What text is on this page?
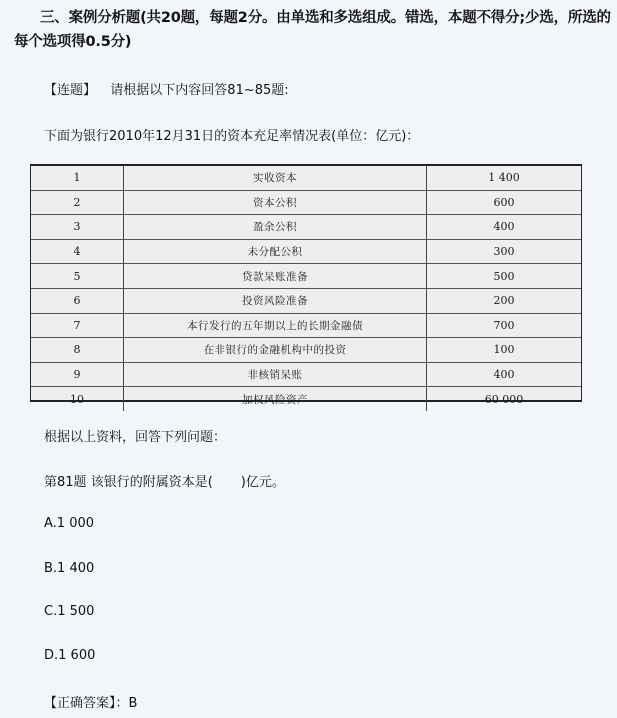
三、案例分析题(共20题，每题2分。由单选和多选组成。错选，本题不得分;少选，所选的每个选项得0.5分)
【连题】 请根据以下内容回答81~85题:
下面为银行2010年12月31日的资本充足率情况表(单位：亿元)：
1	实收资本	1 400
2	资本公积	600
3	盈余公积	400
4	未分配公积	300
5	贷款呆账准备	500
6	投资风险准备	200
7	本行发行的五年期以上的长期金融债	700
8	在非银行的金融机构中的投资	100
9	非核销呆账	400
10	加权风险资产	60 000
根据以上资料，回答下列问题：
第81题 该银行的附属资本是( )亿元。
A.1 000
B.1 400
C.1 500
D.1 600
【正确答案】：B
